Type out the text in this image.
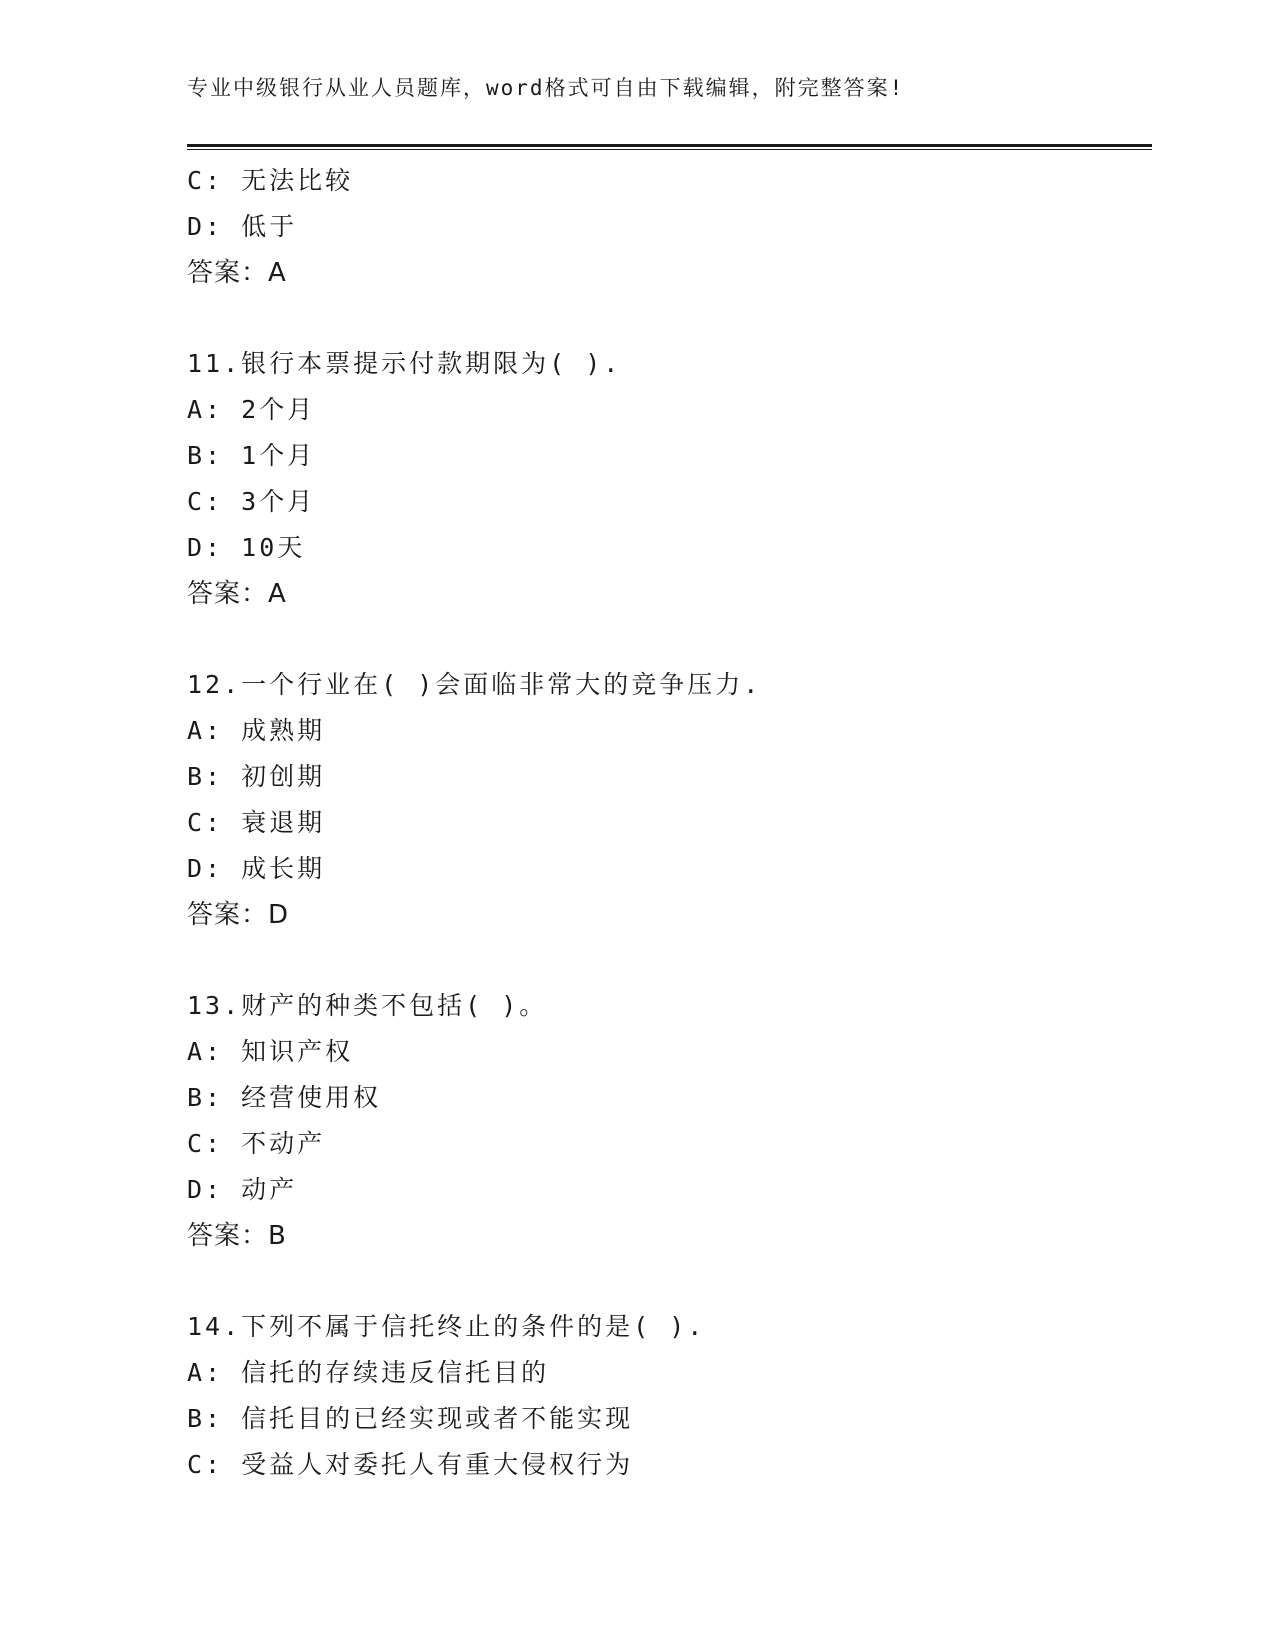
专业中级银行从业人员题库，word格式可自由下载编辑，附完整答案!
C: 无法比较
D: 低于
答案：A
11.银行本票提示付款期限为( ).
A: 2个月
B: 1个月
C: 3个月
D: 10天
答案：A
12.一个行业在( )会面临非常大的竞争压力.
A: 成熟期
B: 初创期
C: 衰退期
D: 成长期
答案：D
13.财产的种类不包括( )。
A: 知识产权
B: 经营使用权
C: 不动产
D: 动产
答案：B
14.下列不属于信托终止的条件的是( ).
A: 信托的存续违反信托目的
B: 信托目的已经实现或者不能实现
C: 受益人对委托人有重大侵权行为
